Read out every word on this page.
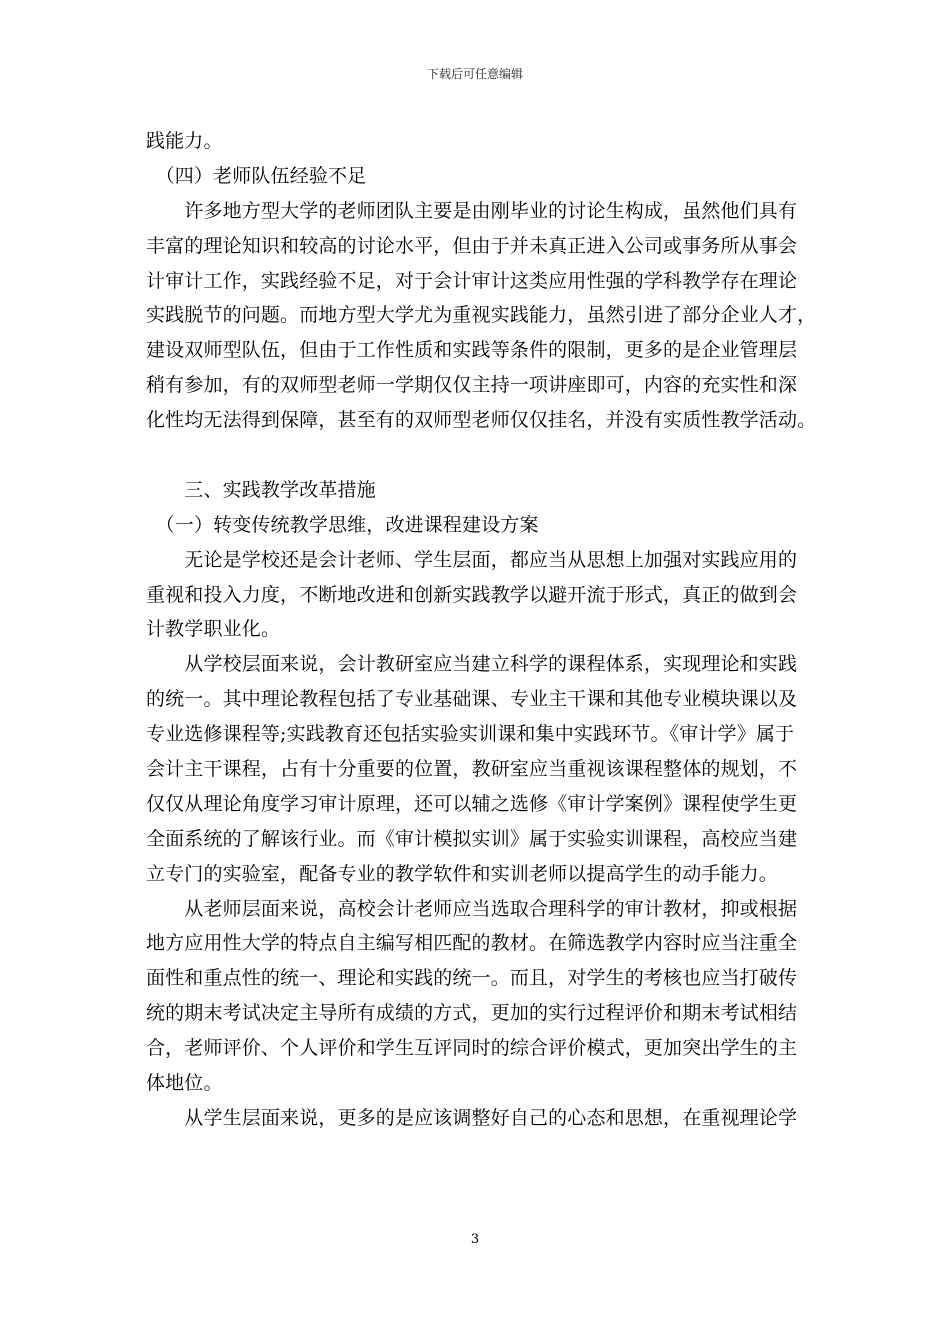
下载后可任意编辑
践能力。
　（四）老师队伍经验不足
　　许多地方型大学的老师团队主要是由刚毕业的讨论生构成，虽然他们具有
丰富的理论知识和较高的讨论水平，但由于并未真正进入公司或事务所从事会
计审计工作，实践经验不足，对于会计审计这类应用性强的学科教学存在理论
实践脱节的问题。而地方型大学尤为重视实践能力，虽然引进了部分企业人才，
建设双师型队伍，但由于工作性质和实践等条件的限制，更多的是企业管理层
稍有参加，有的双师型老师一学期仅仅主持一项讲座即可，内容的充实性和深
化性均无法得到保障，甚至有的双师型老师仅仅挂名，并没有实质性教学活动。
　　三、实践教学改革措施
　（一）转变传统教学思维，改进课程建设方案
　　无论是学校还是会计老师、学生层面，都应当从思想上加强对实践应用的
重视和投入力度，不断地改进和创新实践教学以避开流于形式，真正的做到会
计教学职业化。
　　从学校层面来说，会计教研室应当建立科学的课程体系，实现理论和实践
的统一。其中理论教程包括了专业基础课、专业主干课和其他专业模块课以及
专业选修课程等;实践教育还包括实验实训课和集中实践环节。《审计学》属于
会计主干课程，占有十分重要的位置，教研室应当重视该课程整体的规划，不
仅仅从理论角度学习审计原理，还可以辅之选修《审计学案例》课程使学生更
全面系统的了解该行业。而《审计模拟实训》属于实验实训课程，高校应当建
立专门的实验室，配备专业的教学软件和实训老师以提高学生的动手能力。
　　从老师层面来说，高校会计老师应当选取合理科学的审计教材，抑或根据
地方应用性大学的特点自主编写相匹配的教材。在筛选教学内容时应当注重全
面性和重点性的统一、理论和实践的统一。而且，对学生的考核也应当打破传
统的期末考试决定主导所有成绩的方式，更加的实行过程评价和期末考试相结
合，老师评价、个人评价和学生互评同时的综合评价模式，更加突出学生的主
体地位。
　　从学生层面来说，更多的是应该调整好自己的心态和思想，在重视理论学
3
